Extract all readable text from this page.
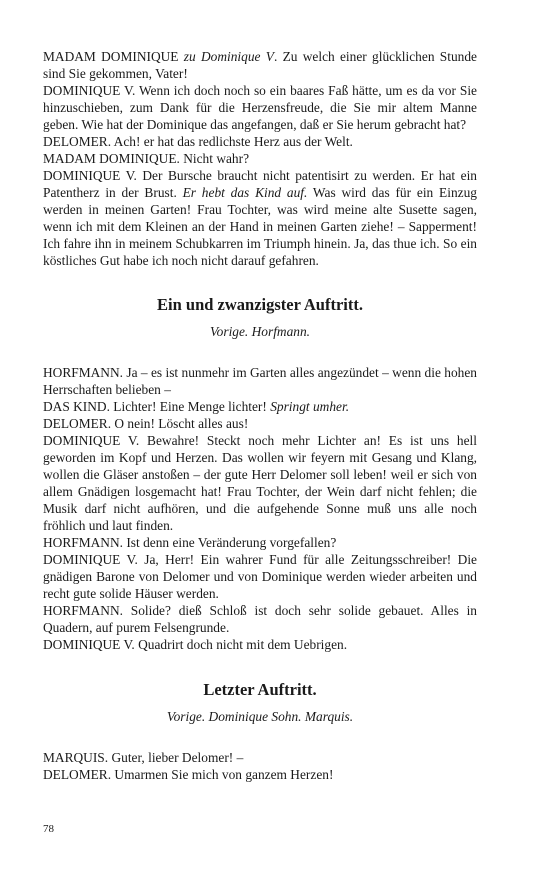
MADAM DOMINIQUE zu Dominique V. Zu welch einer glücklichen Stunde sind Sie gekommen, Vater!

DOMINIQUE V. Wenn ich doch noch so ein baares Faß hätte, um es da vor Sie hinzuschieben, zum Dank für die Herzensfreude, die Sie mir altem Manne geben. Wie hat der Dominique das angefangen, daß er Sie herum gebracht hat?

DELOMER. Ach! er hat das redlichste Herz aus der Welt.

MADAM DOMINIQUE. Nicht wahr?

DOMINIQUE V. Der Bursche braucht nicht patentisirt zu werden. Er hat ein Patentherz in der Brust. Er hebt das Kind auf. Was wird das für ein Einzug werden in meinen Garten! Frau Tochter, was wird meine alte Susette sagen, wenn ich mit dem Kleinen an der Hand in meinen Garten ziehe! – Sapperment! Ich fahre ihn in meinem Schubkarren im Triumph hinein. Ja, das thue ich. So ein köstliches Gut habe ich noch nicht darauf gefahren.

Ein und zwanzigster Auftritt.

Vorige. Horfmann.

HORFMANN. Ja – es ist nunmehr im Garten alles angezündet – wenn die hohen Herrschaften belieben –

DAS KIND. Lichter! Eine Menge lichter! Springt umher.

DELOMER. O nein! Löscht alles aus!

DOMINIQUE V. Bewahre! Steckt noch mehr Lichter an! Es ist uns hell geworden im Kopf und Herzen. Das wollen wir feyern mit Gesang und Klang, wollen die Gläser anstoßen – der gute Herr Delomer soll leben! weil er sich von allem Gnädigen losgemacht hat! Frau Tochter, der Wein darf nicht fehlen; die Musik darf nicht aufhören, und die aufgehende Sonne muß uns alle noch fröhlich und laut finden.

HORFMANN. Ist denn eine Veränderung vorgefallen?

DOMINIQUE V. Ja, Herr! Ein wahrer Fund für alle Zeitungsschreiber! Die gnädigen Barone von Delomer und von Dominique werden wieder arbeiten und recht gute solide Häuser werden.

HORFMANN. Solide? dieß Schloß ist doch sehr solide gebauet. Alles in Quadern, auf purem Felsengrunde.

DOMINIQUE V. Quadrirt doch nicht mit dem Uebrigen.

Letzter Auftritt.

Vorige. Dominique Sohn. Marquis.

MARQUIS. Guter, lieber Delomer! –

DELOMER. Umarmen Sie mich von ganzem Herzen!

78
